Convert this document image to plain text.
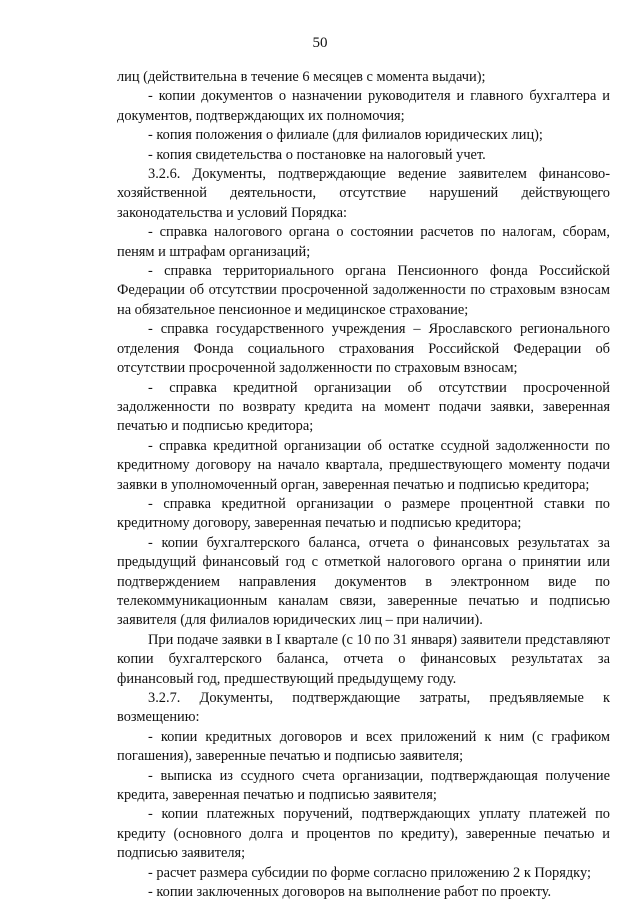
50

лиц (действительна в течение 6 месяцев с момента выдачи);

- копии документов о назначении руководителя и главного бухгалтера и документов, подтверждающих их полномочия;

- копия положения о филиале (для филиалов юридических лиц);

- копия свидетельства о постановке на налоговый учет.

3.2.6. Документы, подтверждающие ведение заявителем финансово-хозяйственной деятельности, отсутствие нарушений действующего законодательства и условий Порядка:

- справка налогового органа о состоянии расчетов по налогам, сборам, пеням и штрафам организаций;

- справка территориального органа Пенсионного фонда Российской Федерации об отсутствии просроченной задолженности по страховым взносам на обязательное пенсионное и медицинское страхование;

- справка государственного учреждения – Ярославского регионального отделения Фонда социального страхования Российской Федерации об отсутствии просроченной задолженности по страховым взносам;

- справка кредитной организации об отсутствии просроченной задолженности по возврату кредита на момент подачи заявки, заверенная печатью и подписью кредитора;

- справка кредитной организации об остатке ссудной задолженности по кредитному договору на начало квартала, предшествующего моменту подачи заявки в уполномоченный орган, заверенная печатью и подписью кредитора;

- справка кредитной организации о размере процентной ставки по кредитному договору, заверенная печатью и подписью кредитора;

- копии бухгалтерского баланса, отчета о финансовых результатах за предыдущий финансовый год с отметкой налогового органа о принятии или подтверждением направления документов в электронном виде по телекоммуникационным каналам связи, заверенные печатью и подписью заявителя (для филиалов юридических лиц – при наличии).

При подаче заявки в I квартале (с 10 по 31 января) заявители представляют копии бухгалтерского баланса, отчета о финансовых результатах за финансовый год, предшествующий предыдущему году.

3.2.7. Документы, подтверждающие затраты, предъявляемые к возмещению:

- копии кредитных договоров и всех приложений к ним (с графиком погашения), заверенные печатью и подписью заявителя;

- выписка из ссудного счета организации, подтверждающая получение кредита, заверенная печатью и подписью заявителя;

- копии платежных поручений, подтверждающих уплату платежей по кредиту (основного долга и процентов по кредиту), заверенные печатью и подписью заявителя;

- расчет размера субсидии по форме согласно приложению 2 к Порядку;

- копии заключенных договоров на выполнение работ по проекту.
